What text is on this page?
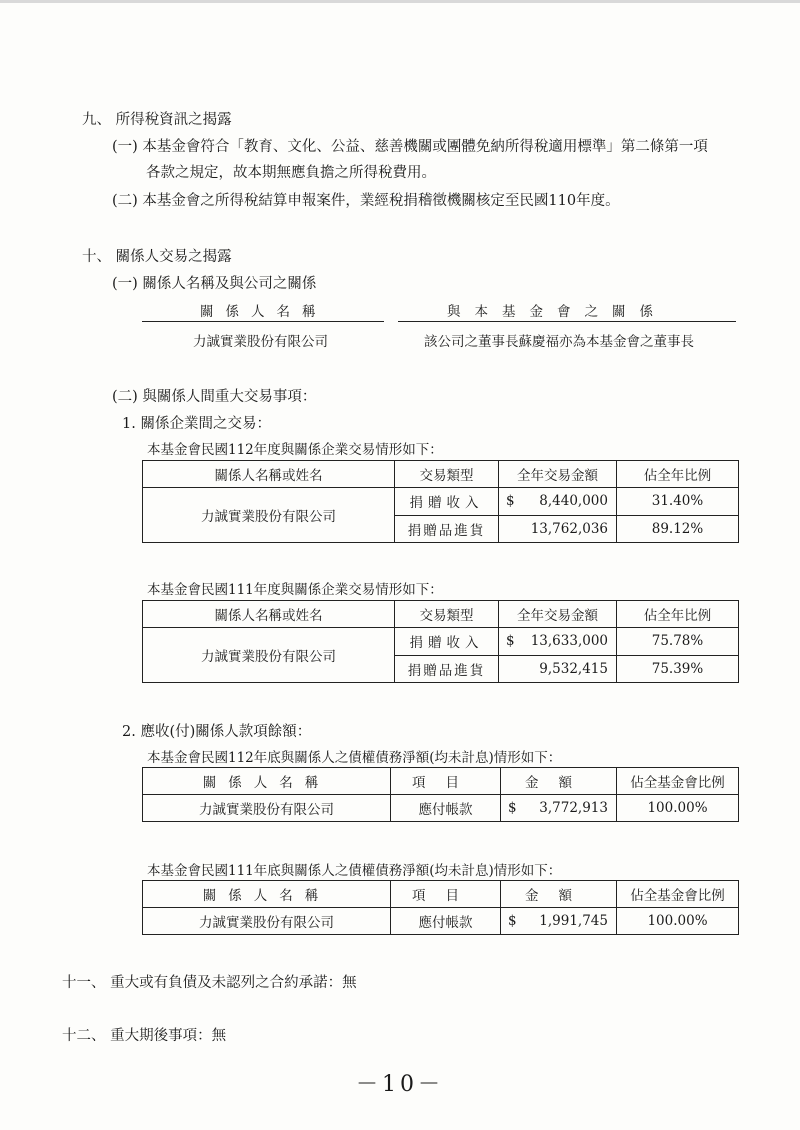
九、 所得稅資訊之揭露
(一) 本基金會符合「教育、文化、公益、慈善機關或團體免納所得稅適用標準」第二條第一項
各款之規定，故本期無應負擔之所得稅費用。
(二) 本基金會之所得稅結算申報案件，業經稅捐稽徵機關核定至民國110年度。
十、 關係人交易之揭露
(一) 關係人名稱及與公司之關係
關係人名稱	與本基金會之關係
力誠實業股份有限公司	該公司之董事長蘇慶福亦為本基金會之董事長
(二) 與關係人間重大交易事項：
1. 關係企業間之交易：
本基金會民國112年度與關係企業交易情形如下：
關係人名稱或姓名	交易類型	全年交易金額	佔全年比例
力誠實業股份有限公司	捐贈收入	$ 8,440,000	31.40%
	捐贈品進貨	13,762,036	89.12%
本基金會民國111年度與關係企業交易情形如下：
關係人名稱或姓名	交易類型	全年交易金額	佔全年比例
力誠實業股份有限公司	捐贈收入	$ 13,633,000	75.78%
	捐贈品進貨	9,532,415	75.39%
2. 應收(付)關係人款項餘額：
本基金會民國112年底與關係人之債權債務淨額(均未計息)情形如下：
關係人名稱	項目	金額	佔全基金會比例
力誠實業股份有限公司	應付帳款	$ 3,772,913	100.00%
本基金會民國111年底與關係人之債權債務淨額(均未計息)情形如下：
關係人名稱	項目	金額	佔全基金會比例
力誠實業股份有限公司	應付帳款	$ 1,991,745	100.00%
十一、 重大或有負債及未認列之合約承諾：無
十二、 重大期後事項：無
－10－
